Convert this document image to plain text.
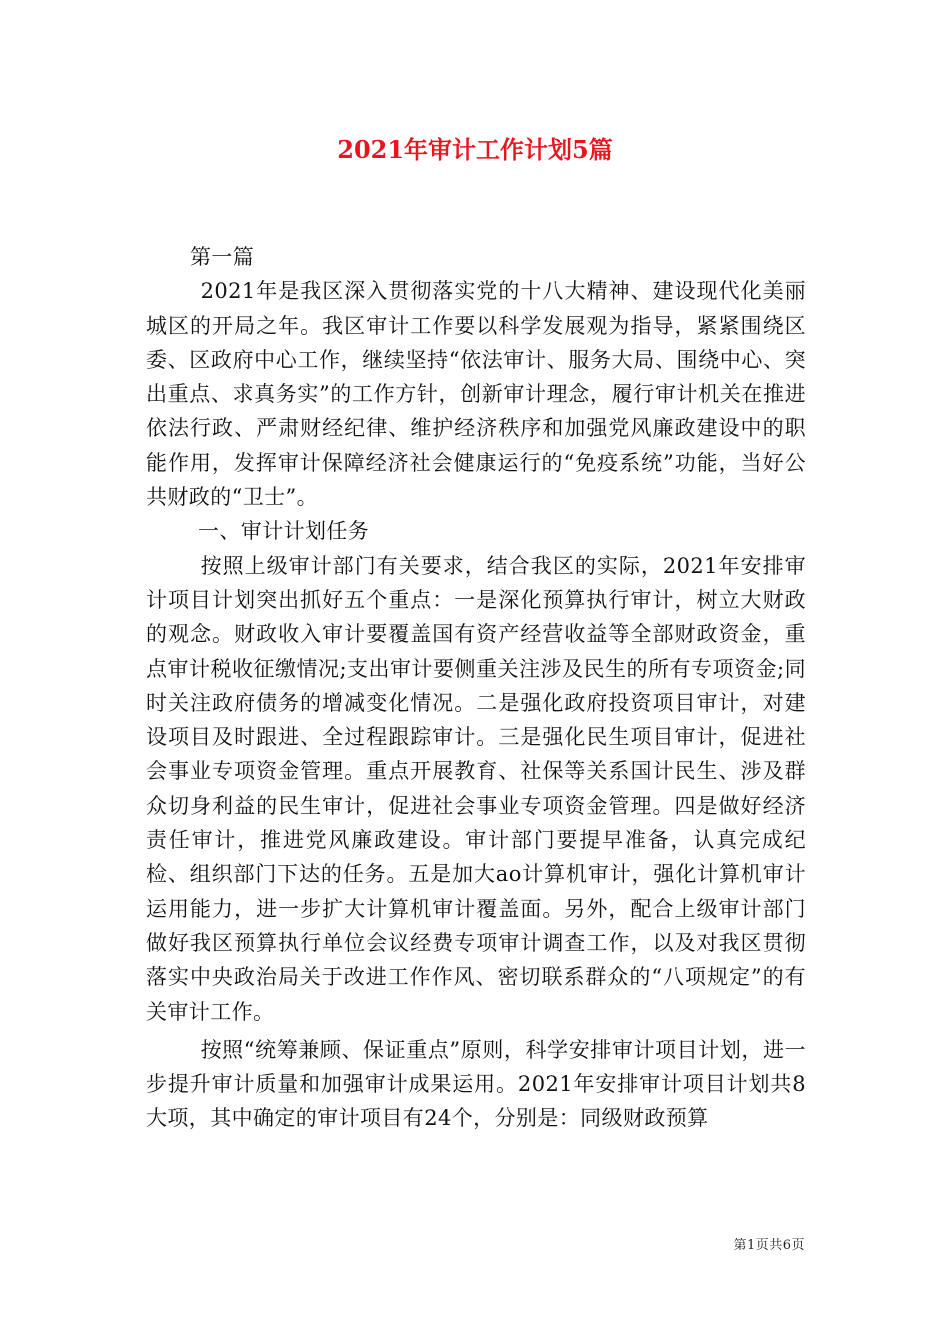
2021年审计工作计划5篇

第一篇

2021年是我区深入贯彻落实党的十八大精神、建设现代化美丽城区的开局之年。我区审计工作要以科学发展观为指导，紧紧围绕区委、区政府中心工作，继续坚持“依法审计、服务大局、围绕中心、突出重点、求真务实”的工作方针，创新审计理念，履行审计机关在推进依法行政、严肃财经纪律、维护经济秩序和加强党风廉政建设中的职能作用，发挥审计保障经济社会健康运行的“免疫系统”功能，当好公共财政的“卫士”。

一、审计计划任务

按照上级审计部门有关要求，结合我区的实际，2021年安排审计项目计划突出抓好五个重点：一是深化预算执行审计，树立大财政的观念。财政收入审计要覆盖国有资产经营收益等全部财政资金，重点审计税收征缴情况;支出审计要侧重关注涉及民生的所有专项资金;同时关注政府债务的增减变化情况。二是强化政府投资项目审计，对建设项目及时跟进、全过程跟踪审计。三是强化民生项目审计，促进社会事业专项资金管理。重点开展教育、社保等关系国计民生、涉及群众切身利益的民生审计，促进社会事业专项资金管理。四是做好经济责任审计，推进党风廉政建设。审计部门要提早准备，认真完成纪检、组织部门下达的任务。五是加大ao计算机审计，强化计算机审计运用能力，进一步扩大计算机审计覆盖面。另外，配合上级审计部门做好我区预算执行单位会议经费专项审计调查工作，以及对我区贯彻落实中央政治局关于改进工作作风、密切联系群众的“八项规定”的有关审计工作。

按照“统筹兼顾、保证重点”原则，科学安排审计项目计划，进一步提升审计质量和加强审计成果运用。2021年安排审计项目计划共8大项，其中确定的审计项目有24个，分别是：同级财政预算

第1页共6页
